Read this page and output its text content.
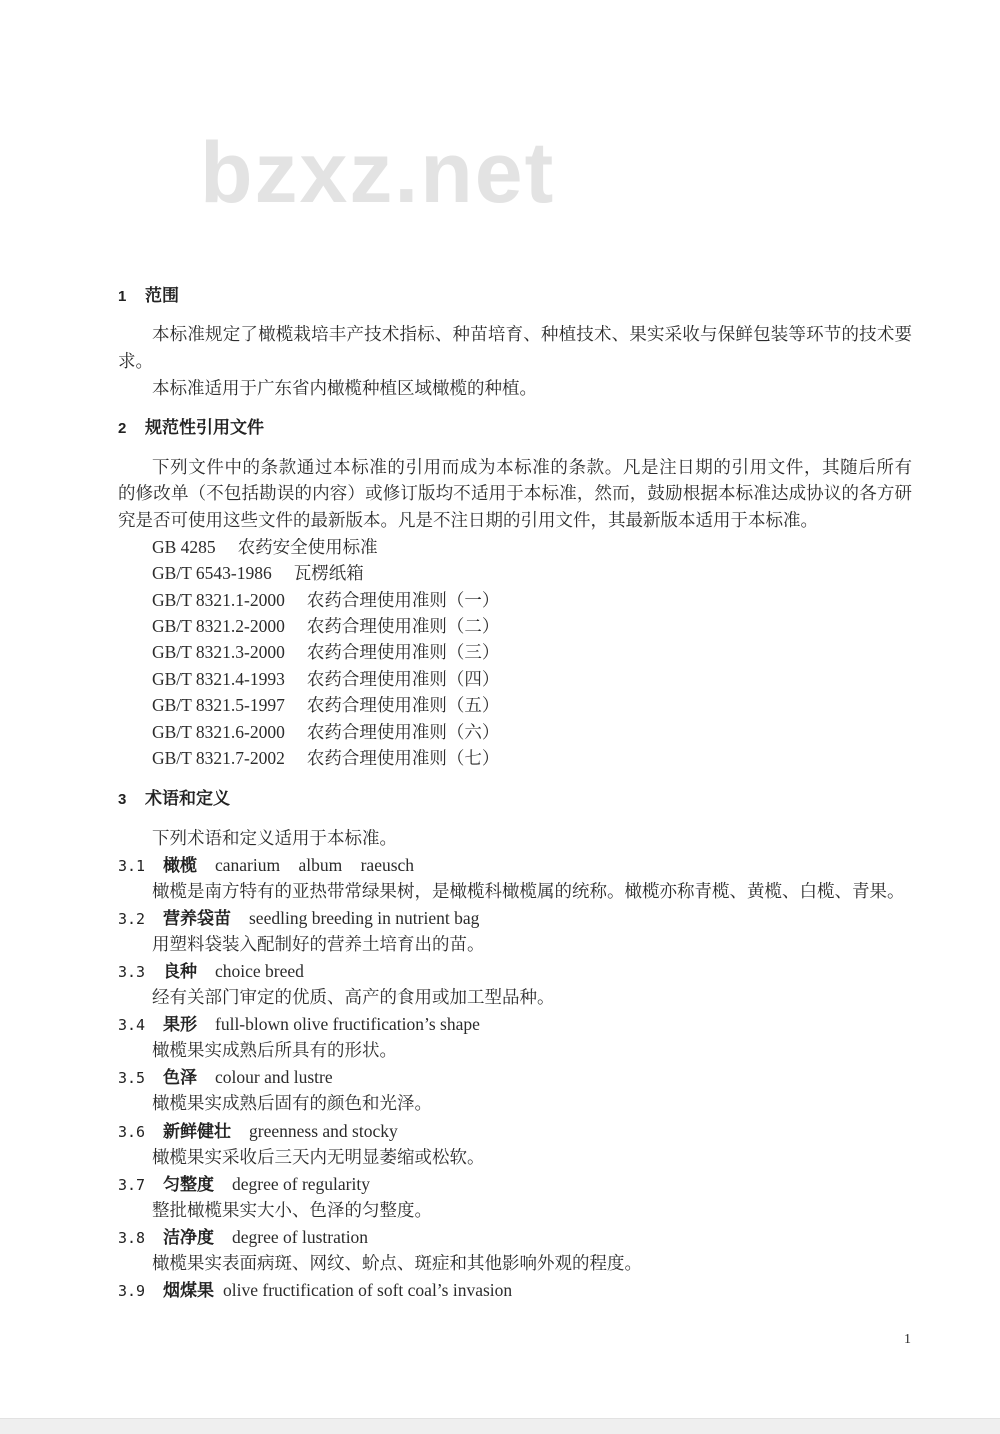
bzxz.net
1 范围
本标准规定了橄榄栽培丰产技术指标、种苗培育、种植技术、果实采收与保鲜包装等环节的技术要
求。
本标准适用于广东省内橄榄种植区域橄榄的种植。
2 规范性引用文件
下列文件中的条款通过本标准的引用而成为本标准的条款。凡是注日期的引用文件，其随后所有
的修改单（不包括勘误的内容）或修订版均不适用于本标准，然而，鼓励根据本标准达成协议的各方研
究是否可使用这些文件的最新版本。凡是不注日期的引用文件，其最新版本适用于本标准。
GB 4285 农药安全使用标准
GB/T 6543-1986 瓦楞纸箱
GB/T 8321.1-2000 农药合理使用准则（一）
GB/T 8321.2-2000 农药合理使用准则（二）
GB/T 8321.3-2000 农药合理使用准则（三）
GB/T 8321.4-1993 农药合理使用准则（四）
GB/T 8321.5-1997 农药合理使用准则（五）
GB/T 8321.6-2000 农药合理使用准则（六）
GB/T 8321.7-2002 农药合理使用准则（七）
3 术语和定义
下列术语和定义适用于本标准。
3.1 橄榄 canarium album raeusch
橄榄是南方特有的亚热带常绿果树，是橄榄科橄榄属的统称。橄榄亦称青榄、黄榄、白榄、青果。
3.2 营养袋苗 seedling breeding in nutrient bag
用塑料袋装入配制好的营养土培育出的苗。
3.3 良种 choice breed
经有关部门审定的优质、高产的食用或加工型品种。
3.4 果形 full-blown olive fructification’s shape
橄榄果实成熟后所具有的形状。
3.5 色泽 colour and lustre
橄榄果实成熟后固有的颜色和光泽。
3.6 新鲜健壮 greenness and stocky
橄榄果实采收后三天内无明显萎缩或松软。
3.7 匀整度 degree of regularity
整批橄榄果实大小、色泽的匀整度。
3.8 洁净度 degree of lustration
橄榄果实表面病斑、网纹、蚧点、斑症和其他影响外观的程度。
3.9 烟煤果 olive fructification of soft coal’s invasion
1
